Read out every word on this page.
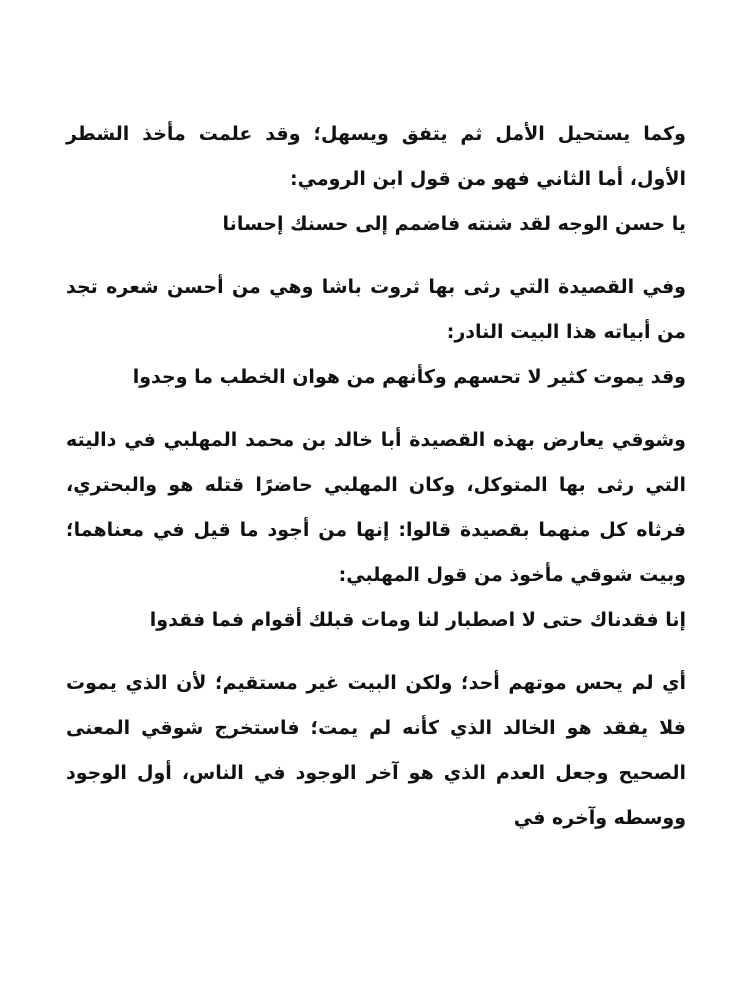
وكما يستحيل الأمل ثم يتفق ويسهل؛ وقد علمت مأخذ الشطر الأول، أما الثاني فهو من قول ابن الرومي:

يا حسن الوجه لقد شنته فاضمم إلى حسنك إحسانا

وفي القصيدة التي رثى بها ثروت باشا وهي من أحسن شعره تجد من أبياته هذا البيت النادر:

وقد يموت كثير لا تحسهم وكأنهم من هوان الخطب ما وجدوا

وشوقي يعارض بهذه القصيدة أبا خالد بن محمد المهلبي في داليته التي رثى بها المتوكل، وكان المهلبي حاضرًا قتله هو والبحتري، فرثاه كل منهما بقصيدة قالوا: إنها من أجود ما قيل في معناهما؛ وبيت شوقي مأخوذ من قول المهلبي:

إنا فقدناك حتى لا اصطبار لنا ومات قبلك أقوام فما فقدوا

أي لم يحس موتهم أحد؛ ولكن البيت غير مستقيم؛ لأن الذي يموت فلا يفقد هو الخالد الذي كأنه لم يمت؛ فاستخرج شوقي المعنى الصحيح وجعل العدم الذي هو آخر الوجود في الناس، أول الوجود ووسطه وآخره في
